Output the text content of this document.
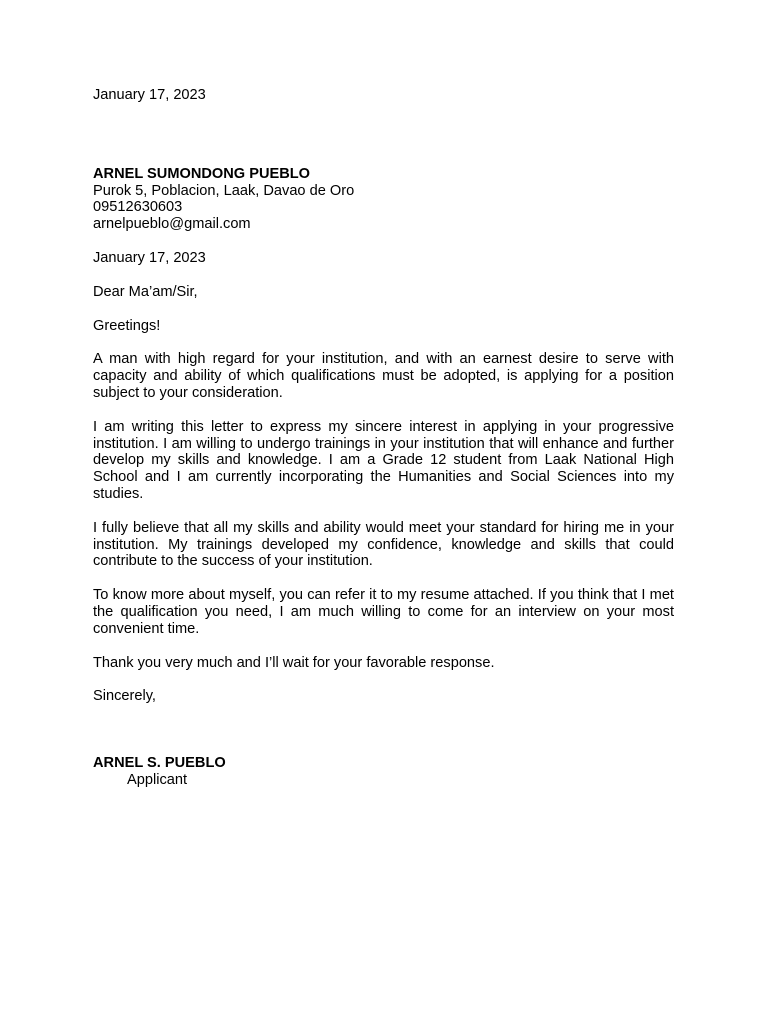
January 17, 2023

ARNEL SUMONDONG PUEBLO

Purok 5, Poblacion, Laak, Davao de Oro

09512630603

arnelpueblo@gmail.com

January 17, 2023

Dear Ma’am/Sir,

Greetings!

A man with high regard for your institution, and with an earnest desire to serve with capacity and ability of which qualifications must be adopted, is applying for a position subject to your consideration.

I am writing this letter to express my sincere interest in applying in your progressive institution. I am willing to undergo trainings in your institution that will enhance and further develop my skills and knowledge. I am a Grade 12 student from Laak National High School and I am currently incorporating the Humanities and Social Sciences into my studies.

I fully believe that all my skills and ability would meet your standard for hiring me in your institution. My trainings developed my confidence, knowledge and skills that could contribute to the success of your institution.

To know more about myself, you can refer it to my resume attached. If you think that I met the qualification you need, I am much willing to come for an interview on your most convenient time.

Thank you very much and I’ll wait for your favorable response.

Sincerely,

ARNEL S. PUEBLO

Applicant
